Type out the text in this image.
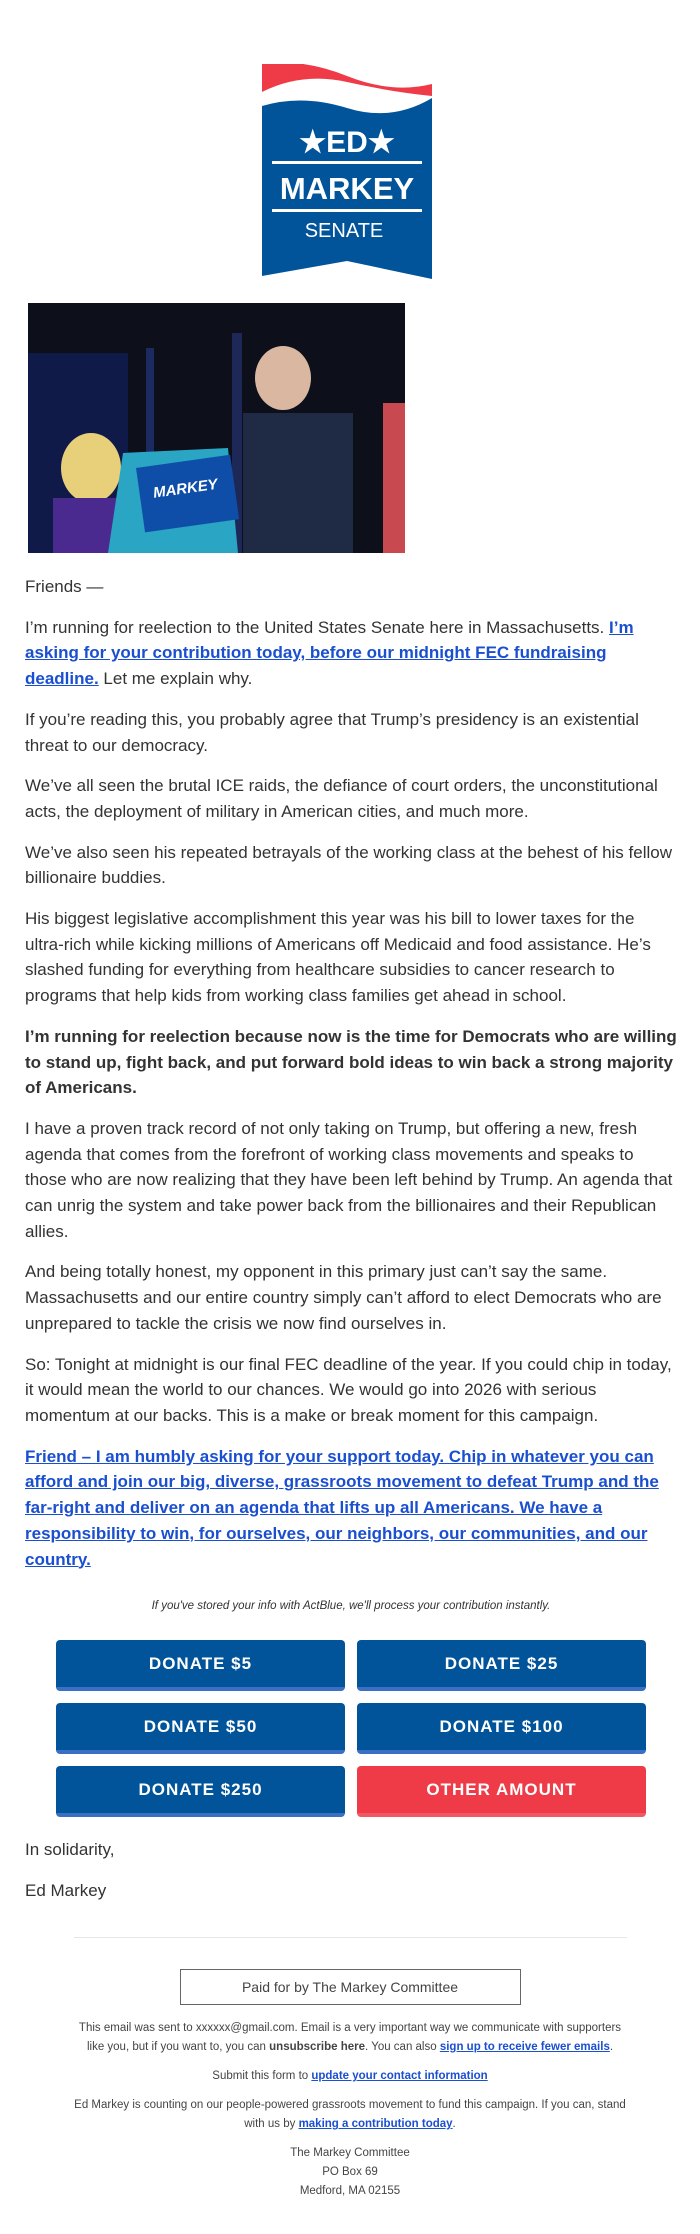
★ED★
MARKEY
SENATE
MARKEY

Friends —

I’m running for reelection to the United States Senate here in Massachusetts. I’m asking for your contribution today, before our midnight FEC fundraising deadline. Let me explain why.

If you’re reading this, you probably agree that Trump’s presidency is an existential threat to our democracy.

We’ve all seen the brutal ICE raids, the defiance of court orders, the unconstitutional acts, the deployment of military in American cities, and much more.

We’ve also seen his repeated betrayals of the working class at the behest of his fellow billionaire buddies.

His biggest legislative accomplishment this year was his bill to lower taxes for the ultra-rich while kicking millions of Americans off Medicaid and food assistance. He’s slashed funding for everything from healthcare subsidies to cancer research to programs that help kids from working class families get ahead in school.

I’m running for reelection because now is the time for Democrats who are willing to stand up, fight back, and put forward bold ideas to win back a strong majority of Americans.

I have a proven track record of not only taking on Trump, but offering a new, fresh agenda that comes from the forefront of working class movements and speaks to those who are now realizing that they have been left behind by Trump. An agenda that can unrig the system and take power back from the billionaires and their Republican allies.

And being totally honest, my opponent in this primary just can’t say the same. Massachusetts and our entire country simply can’t afford to elect Democrats who are unprepared to tackle the crisis we now find ourselves in.

So: Tonight at midnight is our final FEC deadline of the year. If you could chip in today, it would mean the world to our chances. We would go into 2026 with serious momentum at our backs. This is a make or break moment for this campaign.

Friend – I am humbly asking for your support today. Chip in whatever you can afford and join our big, diverse, grassroots movement to defeat Trump and the far-right and deliver on an agenda that lifts up all Americans. We have a responsibility to win, for ourselves, our neighbors, our communities, and our country.

If you've stored your info with ActBlue, we'll process your contribution instantly.
DONATE $5	DONATE $25
DONATE $50	DONATE $100
DONATE $250	OTHER AMOUNT

In solidarity,

Ed Markey

Paid for by The Markey Committee

This email was sent to xxxxxx@gmail.com. Email is a very important way we communicate with supporters like you, but if you want to, you can unsubscribe here. You can also sign up to receive fewer emails.

Submit this form to update your contact information

Ed Markey is counting on our people-powered grassroots movement to fund this campaign. If you can, stand with us by making a contribution today.

The Markey Committee
PO Box 69
Medford, MA 02155
